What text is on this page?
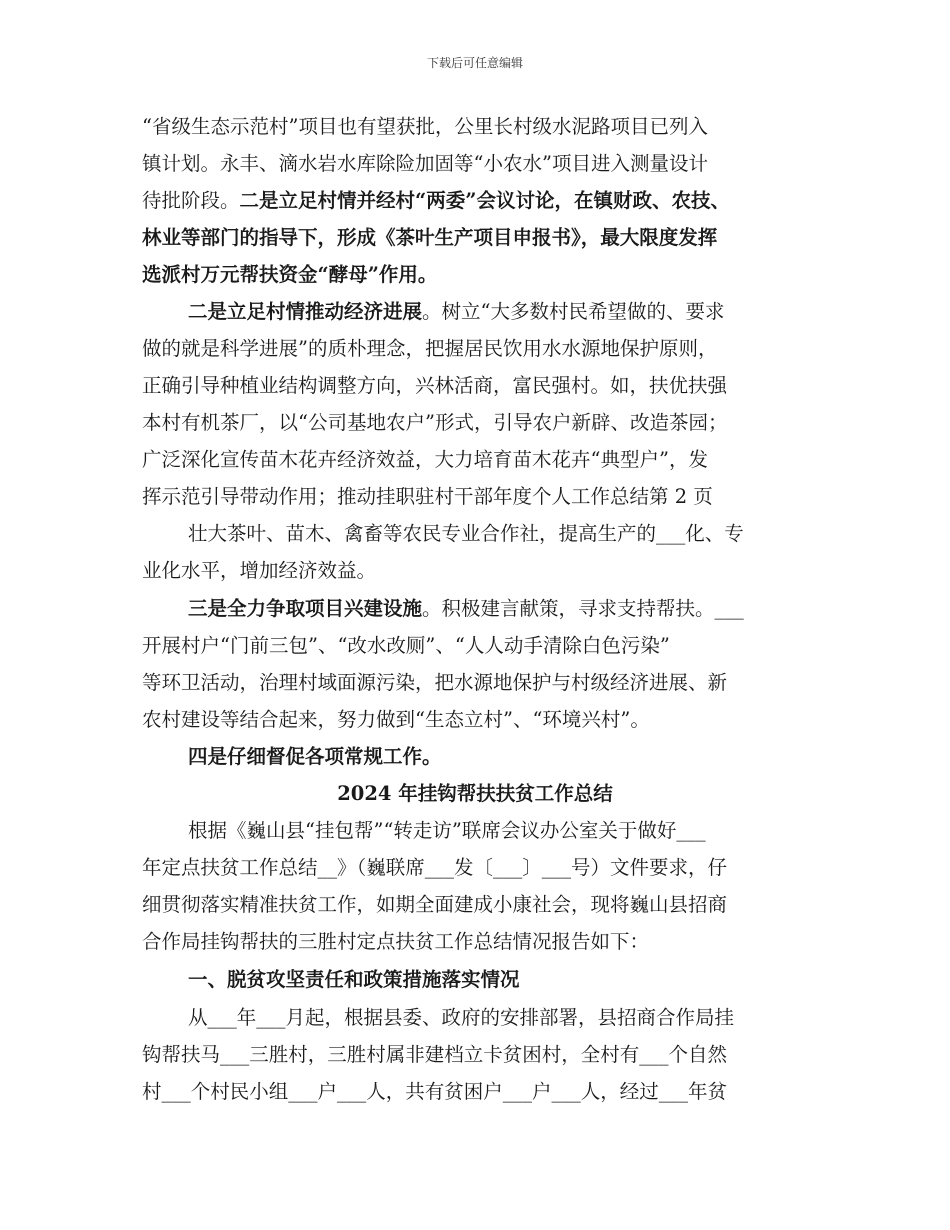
下载后可任意编辑
“省级生态示范村”项目也有望获批，公里长村级水泥路项目已列入
镇计划。永丰、滴水岩水库除险加固等“小农水”项目进入测量设计
待批阶段。二是立足村情并经村“两委”会议讨论，在镇财政、农技、
林业等部门的指导下，形成《茶叶生产项目申报书》，最大限度发挥
选派村万元帮扶资金“酵母”作用。
二是立足村情推动经济进展。树立“大多数村民希望做的、要求
做的就是科学进展”的质朴理念，把握居民饮用水水源地保护原则，
正确引导种植业结构调整方向，兴林活商，富民强村。如，扶优扶强
本村有机茶厂，以“公司基地农户”形式，引导农户新辟、改造茶园；
广泛深化宣传苗木花卉经济效益，大力培育苗木花卉“典型户”，发
挥示范引导带动作用；推动挂职驻村干部年度个人工作总结第 2 页
壮大茶叶、苗木、禽畜等农民专业合作社，提高生产的___化、专
业化水平，增加经济效益。
三是全力争取项目兴建设施。积极建言献策，寻求支持帮扶。___
开展村户“门前三包”、“改水改厕”、“人人动手清除白色污染”
等环卫活动，治理村域面源污染，把水源地保护与村级经济进展、新
农村建设等结合起来，努力做到“生态立村”、“环境兴村”。
四是仔细督促各项常规工作。
2024 年挂钩帮扶扶贫工作总结
根据《巍山县“挂包帮”“转走访”联席会议办公室关于做好___
年定点扶贫工作总结__》（巍联席___发〔___〕___号）文件要求，仔
细贯彻落实精准扶贫工作，如期全面建成小康社会，现将巍山县招商
合作局挂钩帮扶的三胜村定点扶贫工作总结情况报告如下：
一、脱贫攻坚责任和政策措施落实情况
从___年___月起，根据县委、政府的安排部署，县招商合作局挂
钩帮扶马___三胜村，三胜村属非建档立卡贫困村，全村有___个自然
村___个村民小组___户___人，共有贫困户___户___人，经过___年贫
